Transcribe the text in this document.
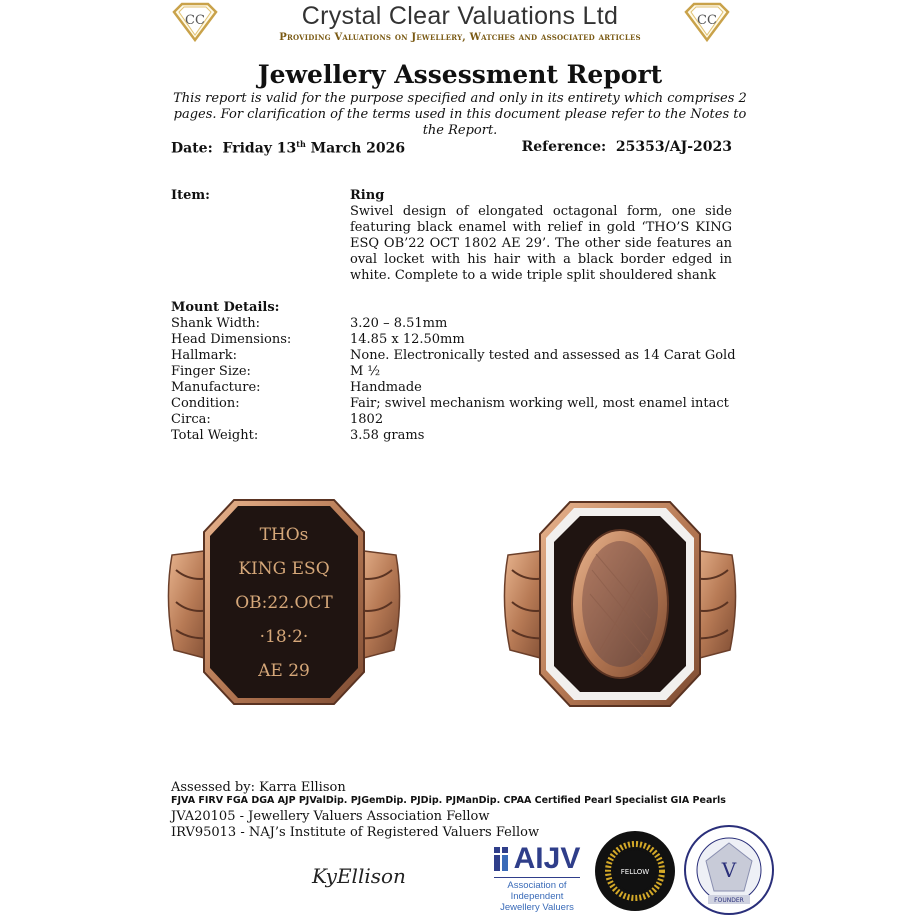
CC	CC
Crystal Clear Valuations Ltd
Providing Valuations on Jewellery, Watches and associated articles
Jewellery Assessment Report
This report is valid for the purpose specified and only in its entirety which comprises 2 pages. For clarification of the terms used in this document please refer to the Notes to the Report.
Date: Friday 13th March 2026	Reference: 25353/AJ-2023
Item:	Ring
Swivel design of elongated octagonal form, one side featuring black enamel with relief in gold ‘THO’S KING ESQ OB’22 OCT 1802 AE 29’. The other side features an oval locket with his hair with a black border edged in white. Complete to a wide triple split shouldered shank
Mount Details:
Shank Width:	3.20 – 8.51mm
Head Dimensions:	14.85 x 12.50mm
Hallmark:	None. Electronically tested and assessed as 14 Carat Gold
Finger Size:	M ½
Manufacture:	Handmade
Condition:	Fair; swivel mechanism working well, most enamel intact
Circa:	1802
Total Weight:	3.58 grams
THOs
KING ESQ
OB:22.OCT
·18·2·
AE 29
Assessed by: Karra Ellison
FJVA FIRV FGA DGA AJP PJValDip. PJGemDip. PJDip. PJManDip. CPAA Certified Pearl Specialist GIA Pearls
JVA20105 - Jewellery Valuers Association Fellow
IRV95013 - NAJ’s Institute of Registered Valuers Fellow
KyEllison
AIJV
Association of
Independent
Jewellery Valuers
FELLOW	V
FOUNDER
